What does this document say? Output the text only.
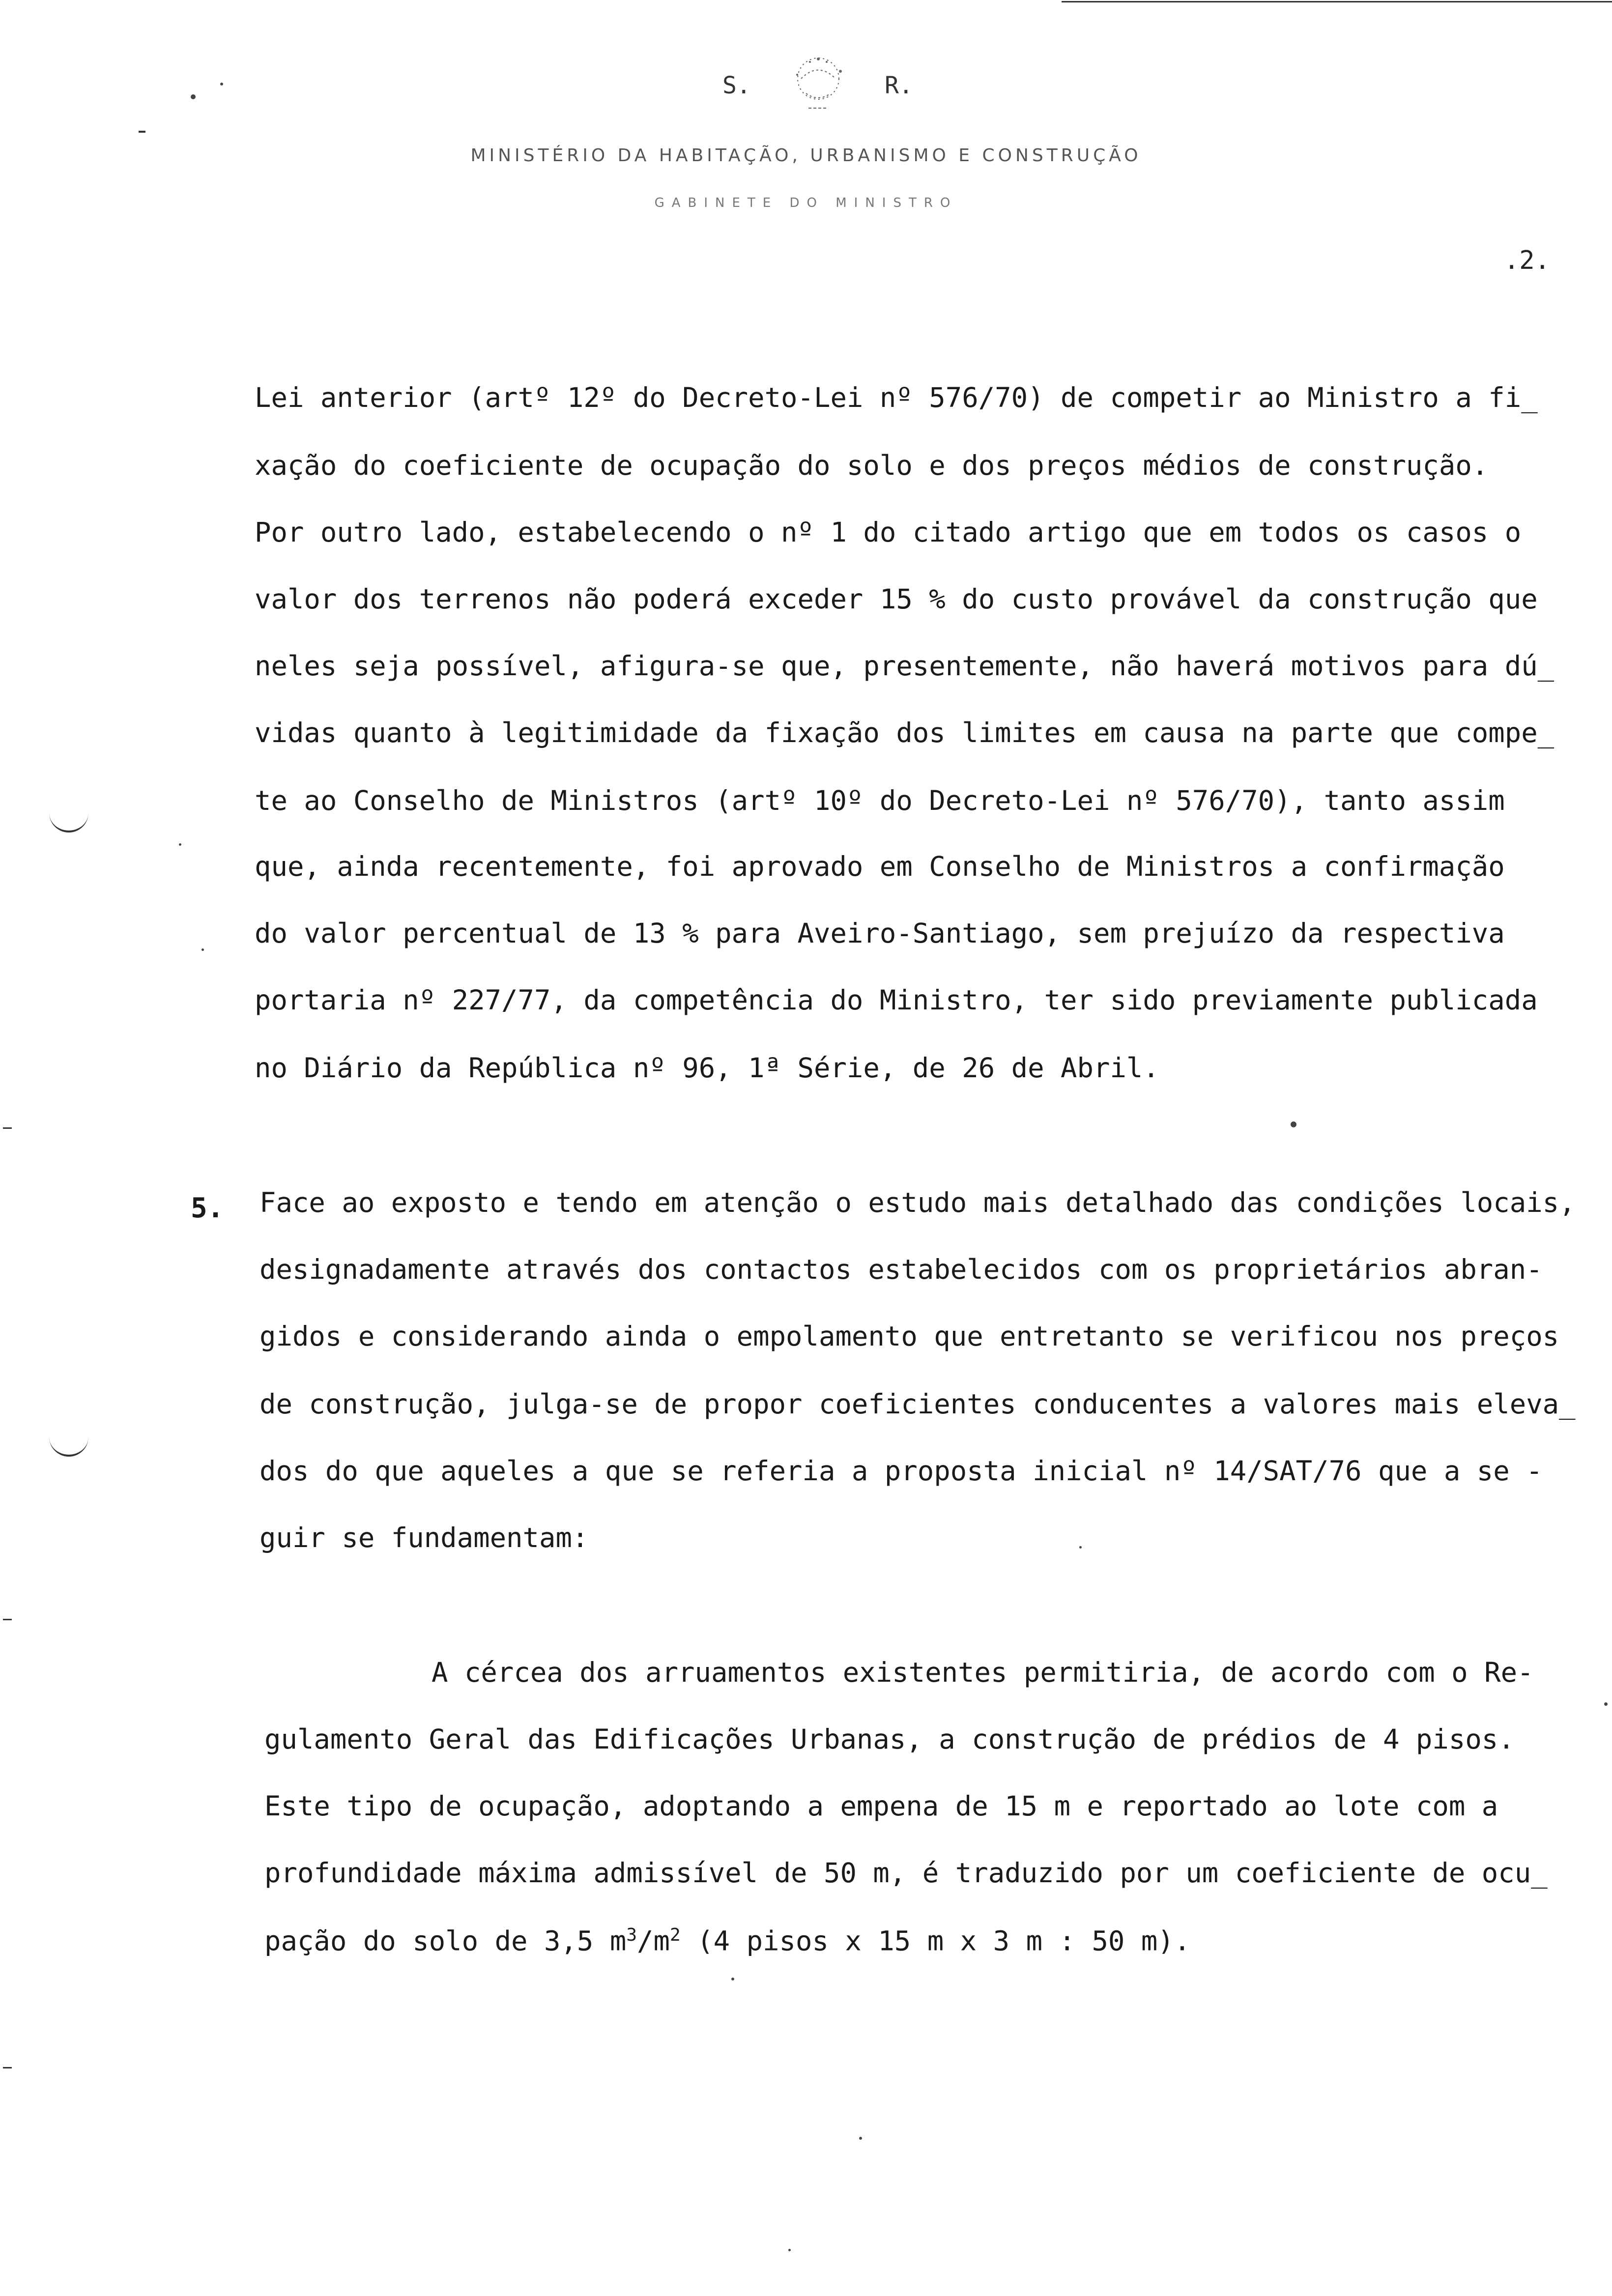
S.	R.
MINISTÉRIO DA HABITAÇÃO, URBANISMO E CONSTRUÇÃO
GABINETE DO MINISTRO
.2.

Lei anterior (artº 12º do Decreto-Lei nº 576/70) de competir ao Ministro a fi_

xação do coeficiente de ocupação do solo e dos preços médios de construção.

Por outro lado, estabelecendo o nº 1 do citado artigo que em todos os casos o

valor dos terrenos não poderá exceder 15 % do custo provável da construção que

neles seja possível, afigura-se que, presentemente, não haverá motivos para dú_

vidas quanto à legitimidade da fixação dos limites em causa na parte que compe_

te ao Conselho de Ministros (artº 10º do Decreto-Lei nº 576/70), tanto assim

que, ainda recentemente, foi aprovado em Conselho de Ministros a confirmação

do valor percentual de 13 % para Aveiro-Santiago, sem prejuízo da respectiva

portaria nº 227/77, da competência do Ministro, ter sido previamente publicada

no Diário da República nº 96, 1ª Série, de 26 de Abril.

5. Face ao exposto e tendo em atenção o estudo mais detalhado das condições locais,

designadamente através dos contactos estabelecidos com os proprietários abran-

gidos e considerando ainda o empolamento que entretanto se verificou nos preços

de construção, julga-se de propor coeficientes conducentes a valores mais eleva_

dos do que aqueles a que se referia a proposta inicial nº 14/SAT/76 que a se -

guir se fundamentam:

A cércea dos arruamentos existentes permitiria, de acordo com o Re-

gulamento Geral das Edificações Urbanas, a construção de prédios de 4 pisos.

Este tipo de ocupação, adoptando a empena de 15 m e reportado ao lote com a

profundidade máxima admissível de 50 m, é traduzido por um coeficiente de ocu_

pação do solo de 3,5 $m^3/m^2$ (4 pisos x 15 m x 3 m : 50 m).
